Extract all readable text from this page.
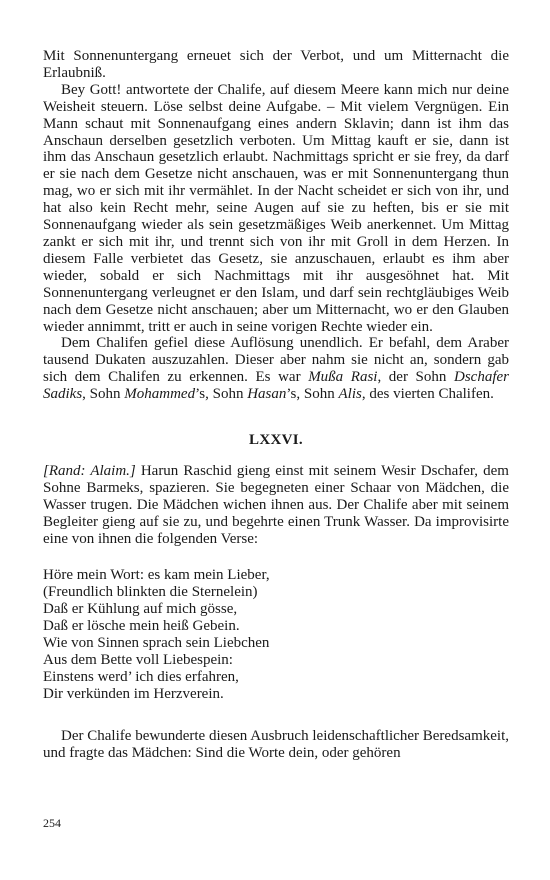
Mit Sonnenuntergang erneuet sich der Verbot, und um Mitternacht die Erlaubniß.

Bey Gott! antwortete der Chalife, auf diesem Meere kann mich nur deine Weisheit steuern. Löse selbst deine Aufgabe. – Mit vielem Vergnügen. Ein Mann schaut mit Sonnenaufgang eines andern Sklavin; dann ist ihm das Anschaun derselben gesetzlich verboten. Um Mittag kauft er sie, dann ist ihm das Anschaun gesetzlich erlaubt. Nachmittags spricht er sie frey, da darf er sie nach dem Gesetze nicht anschauen, was er mit Sonnenuntergang thun mag, wo er sich mit ihr vermählet. In der Nacht scheidet er sich von ihr, und hat also kein Recht mehr, seine Augen auf sie zu heften, bis er sie mit Sonnenaufgang wieder als sein gesetzmäßiges Weib anerkennet. Um Mittag zankt er sich mit ihr, und trennt sich von ihr mit Groll in dem Herzen. In diesem Falle verbietet das Gesetz, sie anzuschauen, erlaubt es ihm aber wieder, sobald er sich Nachmittags mit ihr ausgesöhnet hat. Mit Sonnenuntergang verleugnet er den Islam, und darf sein rechtgläubiges Weib nach dem Gesetze nicht anschauen; aber um Mitternacht, wo er den Glauben wieder annimmt, tritt er auch in seine vorigen Rechte wieder ein.

Dem Chalifen gefiel diese Auflösung unendlich. Er befahl, dem Araber tausend Dukaten auszuzahlen. Dieser aber nahm sie nicht an, sondern gab sich dem Chalifen zu erkennen. Es war Mußa Rasi, der Sohn Dschafer Sadiks, Sohn Mohammed’s, Sohn Hasan’s, Sohn Alis, des vierten Chalifen.

LXXVI.

[Rand: Alaim.] Harun Raschid gieng einst mit seinem Wesir Dschafer, dem Sohne Barmeks, spazieren. Sie begegneten einer Schaar von Mädchen, die Wasser trugen. Die Mädchen wichen ihnen aus. Der Chalife aber mit seinem Begleiter gieng auf sie zu, und begehrte einen Trunk Wasser. Da improvisirte eine von ihnen die folgenden Verse:

Höre mein Wort: es kam mein Lieber,
(Freundlich blinkten die Sternelein)
Daß er Kühlung auf mich gösse,
Daß er lösche mein heiß Gebein.
Wie von Sinnen sprach sein Liebchen
Aus dem Bette voll Liebespein:
Einstens werd’ ich dies erfahren,
Dir verkünden im Herzverein.

Der Chalife bewunderte diesen Ausbruch leidenschaftlicher Beredsamkeit, und fragte das Mädchen: Sind die Worte dein, oder gehören

254
